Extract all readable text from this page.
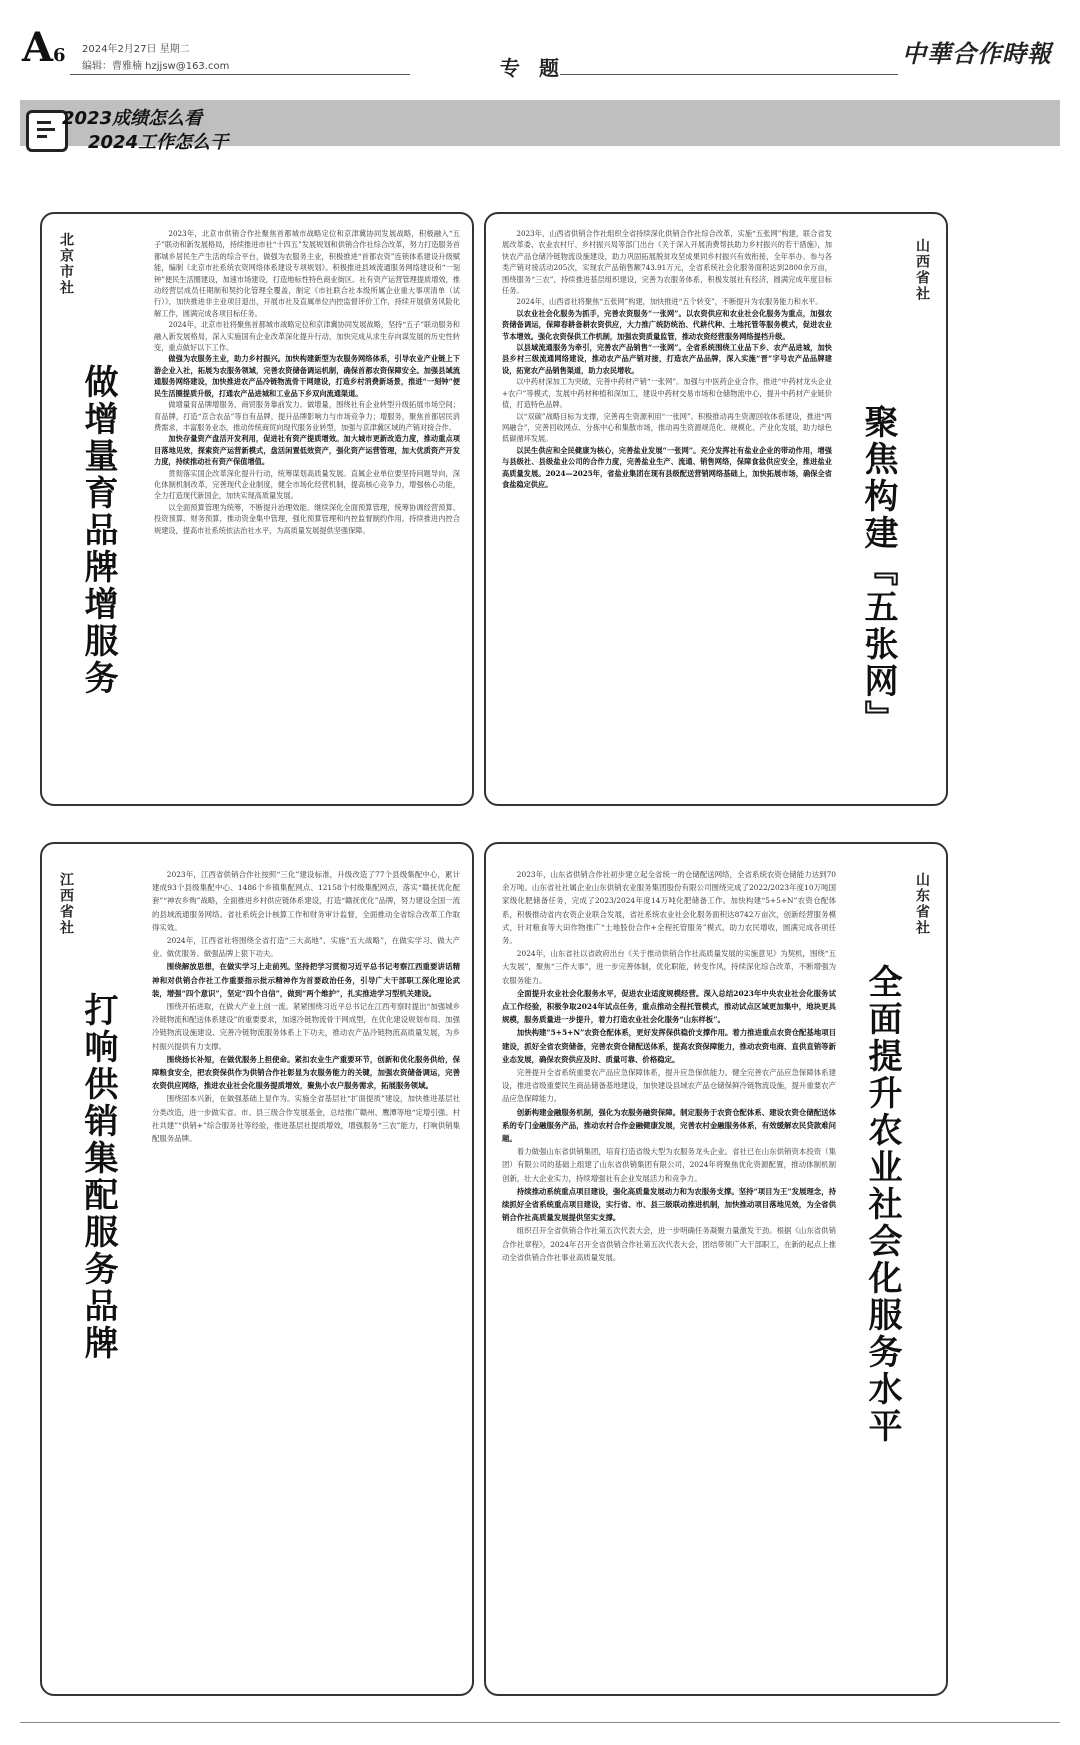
A6 2024年2月27日 星期二
编辑：曹雅楠 hzjjsw@163.com	专 题	中華合作時報
2023成绩怎么看
2024工作怎么干
北京市社
做增量育品牌增服务

2023年，北京市供销合作社聚焦首都城市战略定位和京津冀协同发展战略，积极融入“五子”联动和新发展格局，持续推进市社“十四五”发展规划和供销合作社综合改革，努力打造服务首都城乡居民生产生活的综合平台，做强为农服务主业，积极推进“首都农资”连锁体系建设升级赋能，编制《北京市社系统农资网络体系建设专项规划》。积极推进县域流通服务网络建设和“一刻钟”便民生活圈建设，加速市场建设，打造地标性特色商业街区。社有资产运营管理提质增效，推动经营层成员任期制和契约化管理全覆盖，制定《市社联合社本级所属企业重大事项清单（试行）》，加快推进非主业项目退出，开展市社及直属单位内控监督评价工作，持续开展债务风险化解工作，圆满完成各项目标任务。

2024年，北京市社将聚焦首都城市战略定位和京津冀协同发展战略，坚持“五子”联动服务和融入新发展格局，深入实施国有企业改革深化提升行动，加快完成从求生存向谋发展的历史性转变，重点做好以下工作。

做强为农服务主业，助力乡村振兴。加快构建新型为农服务网络体系，引导农业产业链上下游企业入社，拓展为农服务领域，完善农资储备调运机制，确保首都农资保障安全。加强县域流通服务网络建设，加快推进农产品冷链物流骨干网建设，打造乡村消费新场景，推进“一刻钟”便民生活圈提质升级，打通农产品进城和工业品下乡双向流通渠道。

做增量育品牌增服务，商贸服务靠前发力。做增量，围绕社有企业转型升级拓展市场空间；育品牌，打造“京合农品”等自有品牌，提升品牌影响力与市场竞争力；增服务，聚焦首都居民消费需求，丰富服务业态，推动传统商贸向现代服务业转型，加强与京津冀区域的产销对接合作。

加快存量资产盘活开发利用，促进社有资产提质增效。加大城市更新改造力度，推动重点项目落地见效，探索资产运营新模式，盘活闲置低效资产，强化资产运营管理，加大优质资产开发力度，持续推动社有资产保值增值。

贯彻落实国企改革深化提升行动，统筹谋划高质量发展。直属企业单位要坚持问题导向，深化体制机制改革，完善现代企业制度，健全市场化经营机制，提高核心竞争力，增强核心功能，全力打造现代新国企，加快实现高质量发展。

以全面预算管理为统筹，不断提升治理效能。继续深化全面预算管理，统筹协调经营预算、投资预算、财务预算，推动资金集中管理，强化预算管理和内控监督制约作用。持续推进内控合规建设，提高市社系统依法治社水平，为高质量发展提供坚强保障。

2023年，山西省供销合作社组织全省持续深化供销合作社综合改革，实施“五张网”构建，联合省发展改革委、农业农村厅、乡村振兴局等部门出台《关于深入开展消费帮扶助力乡村振兴的若干措施》，加快农产品仓储冷链物流设施建设，助力巩固拓展脱贫攻坚成果同乡村振兴有效衔接，全年举办、参与各类产销对接活动205次，实现农产品销售额743.91万元，全省系统社会化服务面积达到2800余万亩，围绕服务“三农”，持续推进基层组织建设，完善为农服务体系，积极发展社有经济，圆满完成年度目标任务。

2024年，山西省社将聚焦“五张网”构建，加快推进“五个转变”，不断提升为农服务能力和水平。

以农业社会化服务为抓手，完善农资服务“一张网”。以农资供应和农业社会化服务为重点，加强农资储备调运，保障春耕备耕农资供应，大力推广统防统治、代耕代种、土地托管等服务模式，促进农业节本增效。强化农资保供工作机制，加强农资质量监管，推动农资经营服务网络提档升级。

以县域流通服务为牵引，完善农产品销售“一张网”。全省系统围绕工业品下乡、农产品进城，加快县乡村三级流通网络建设，推动农产品产销对接，打造农产品品牌，深入实施“晋”字号农产品品牌建设，拓宽农产品销售渠道，助力农民增收。

以中药材深加工为突破，完善中药材产销“一张网”。加强与中医药企业合作，推进“中药材龙头企业+农户”等模式，发展中药材种植和深加工，建设中药材交易市场和仓储物流中心，提升中药材产业链价值，打造特色品牌。

以“双碳”战略目标为支撑，完善再生资源利用“一张网”。积极推动再生资源回收体系建设，推进“两网融合”，完善回收网点、分拣中心和集散市场，推动再生资源规范化、规模化、产业化发展，助力绿色低碳循环发展。

以民生供应和全民健康为核心，完善盐业发展“一张网”。充分发挥社有盐业企业的带动作用，增强与县级社、县级盐业公司的合作力度，完善盐业生产、流通、销售网络，保障食盐供应安全，推进盐业高质量发展。2024—2025年，省盐业集团在现有县级配送营销网络基础上，加快拓展市场，确保全省食盐稳定供应。	聚焦构建『五张网』
山西省社
江西省社
打响供销集配服务品牌

2023年，江西省供销合作社按照“三化”建设标准，升级改造了77个县级集配中心，累计建成93个县级集配中心、1486个乡镇集配网点、12158个村级集配网点，落实“赣抚优化配套”“神农乡购”战略，全面推进乡村供应链体系建设，打造“赣抚优化”品牌，努力建设全国一流的县域流通服务网络。省社系统会计核算工作和财务审计监督，全面推动全省综合改革工作取得实效。

2024年，江西省社将围绕全省打造“三大高地”、实施“五大战略”，在做实学习、做大产业、做优服务、做强品牌上狠下功夫。

围绕解放思想，在做实学习上走前列。坚持把学习贯彻习近平总书记考察江西重要讲话精神和对供销合作社工作重要指示批示精神作为首要政治任务，引导广大干部职工深化理论武装，增强“四个意识”，坚定“四个自信”，做到“两个维护”，扎实推进学习型机关建设。

围绕开拓进取，在做大产业上创一流。紧紧围绕习近平总书记在江西考察时提出“加强城乡冷链物流和配送体系建设”的重要要求，加速冷链物流骨干网成型，在优化建设规划布局、加强冷链物流设施建设、完善冷链物流服务体系上下功夫，推动农产品冷链物流高质量发展，为乡村振兴提供有力支撑。

围绕扬长补短，在做优服务上担使命。紧扣农业生产重要环节，创新和优化服务供给，保障粮食安全，把农资保供作为供销合作社彰显为农服务能力的关键，加强农资储备调运，完善农资供应网络，推进农业社会化服务提质增效，聚焦小农户服务需求，拓展服务领域。

围绕固本兴新，在做强基础上显作为。实施全省基层社“扩面提质”建设，加快推进基层社分类改造，进一步做实省、市、县三级合作发展基金，总结推广赣州、鹰潭等地“定增引强、村社共建”“供销+”综合服务社等经验，推进基层社提质增效，增强服务“三农”能力，打响供销集配服务品牌。

2023年，山东省供销合作社初步建立起全省统一的仓储配送网络，全省系统农资仓储能力达到70余万吨。山东省社社属企业山东供销农业服务集团股份有限公司围绕完成了2022/2023年度10万吨国家级化肥储备任务，完成了2023/2024年度14万吨化肥储备工作。加快构建“5+5+N”农资仓配体系，积极推动省内农资企业联合发展，省社系统农业社会化服务面积达8742万亩次，创新经营服务模式，针对粮食等大田作物推广“土地股份合作+全程托管服务”模式，助力农民增收，圆满完成各项任务。

2024年，山东省社以省政府出台《关于推动供销合作社高质量发展的实施意见》为契机，围绕“五大发展”，聚焦“三件大事”，进一步完善体制，优化职能，转变作风，持续深化综合改革，不断增强为农服务能力。

全面提升农业社会化服务水平，促进农业适度规模经营。深入总结2023年中央农业社会化服务试点工作经验，积极争取2024年试点任务，重点推动全程托管模式，推动试点区域更加集中，地块更具规模，服务质量进一步提升，着力打造农业社会化服务“山东样板”。

加快构建“5+5+N”农资仓配体系，更好发挥保供稳价支撑作用。着力推进重点农资仓配基地项目建设，抓好全省农资储备，完善农资仓储配送体系，提高农资保障能力，推动农资电商、直供直销等新业态发展，确保农资供应及时、质量可靠、价格稳定。

完善提升全省系统重要农产品应急保障体系，提升应急保供能力。健全完善农产品应急保障体系建设，推进省级重要民生商品储备基地建设，加快建设县域农产品仓储保鲜冷链物流设施，提升重要农产品应急保障能力。

创新构建金融服务机制，强化为农服务融资保障。制定服务于农资仓配体系、建设农资仓储配送体系的专门金融服务产品，推动农村合作金融健康发展，完善农村金融服务体系，有效缓解农民贷款难问题。

着力做强山东省供销集团，培育打造省级大型为农服务龙头企业。省社已在山东供销资本投资（集团）有限公司的基础上组建了山东省供销集团有限公司，2024年将聚焦优化资源配置，推动体制机制创新，壮大企业实力，持续增强社有企业发展活力和竞争力。

持续推动系统重点项目建设，强化高质量发展动力和为农服务支撑。坚持“项目为王”发展理念，持续抓好全省系统重点项目建设，实行省、市、县三级联动推进机制，加快推动项目落地见效，为全省供销合作社高质量发展提供坚实支撑。

组织召开全省供销合作社第五次代表大会，进一步明确任务凝聚力量激发干劲。根据《山东省供销合作社章程》，2024年召开全省供销合作社第五次代表大会，团结带领广大干部职工，在新的起点上推动全省供销合作社事业高质量发展。	全面提升农业社会化服务水平
山东省社
